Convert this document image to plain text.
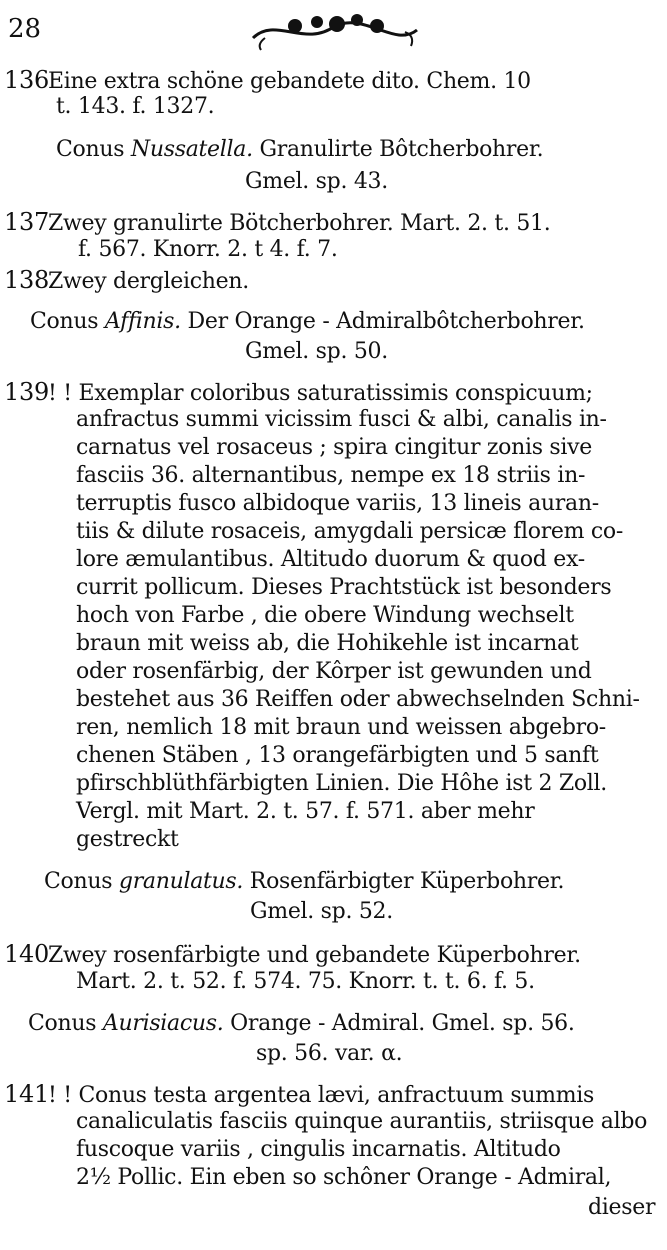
28
136Eine extra schöne gebandete dito. Chem. 10
t. 143. f. 1327.
Conus Nussatella. Granulirte Bôtcherbohrer.
Gmel. sp. 43.
137Zwey granulirte Bötcherbohrer. Mart. 2. t. 51.
f. 567. Knorr. 2. t 4. f. 7.
138Zwey dergleichen.
Conus Affinis. Der Orange - Admiralbôtcherbohrer.
Gmel. sp. 50.
139! ! Exemplar coloribus saturatissimis conspicuum;
anfractus summi vicissim fusci & albi, canalis in-
carnatus vel rosaceus ; spira cingitur zonis sive
fasciis 36. alternantibus, nempe ex 18 striis in-
terruptis fusco albidoque variis, 13 lineis auran-
tiis & dilute rosaceis, amygdali persicæ florem co-
lore æmulantibus. Altitudo duorum & quod ex-
currit pollicum. Dieses Prachtstück ist besonders
hoch von Farbe , die obere Windung wechselt
braun mit weiss ab, die Hohikehle ist incarnat
oder rosenfärbig, der Kôrper ist gewunden und
bestehet aus 36 Reiffen oder abwechselnden Schni-
ren, nemlich 18 mit braun und weissen abgebro-
chenen Stäben , 13 orangefärbigten und 5 sanft
pfirschblüthfärbigten Linien. Die Hôhe ist 2 Zoll.
Vergl. mit Mart. 2. t. 57. f. 571. aber mehr
gestreckt
Conus granulatus. Rosenfärbigter Küperbohrer.
Gmel. sp. 52.
140Zwey rosenfärbigte und gebandete Küperbohrer.
Mart. 2. t. 52. f. 574. 75. Knorr. t. t. 6. f. 5.
Conus Aurisiacus. Orange - Admiral. Gmel. sp. 56.
sp. 56. var. α.
141! ! Conus testa argentea lævi, anfractuum summis
canaliculatis fasciis quinque aurantiis, striisque albo
fuscoque variis , cingulis incarnatis. Altitudo
2½ Pollic. Ein eben so schôner Orange - Admiral,
dieser
